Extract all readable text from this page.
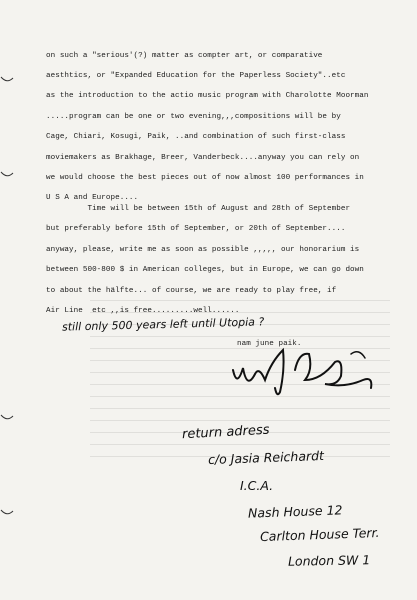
on such a "serious'(?) matter as compter art, or comparative
aesthtics, or "Expanded Education for the Paperless Society"..etc
as the introduction to the actio music program with Charolotte Moorman
.....program can be one or two evening,,,compositions will be by
Cage, Chiari, Kosugi, Paik, ..and combination of such first-class
moviemakers as Brakhage, Breer, Vanderbeck....anyway you can rely on
we would choose the best pieces out of now almost 100 performances in
U S A and Europe....
Time will be between 15th of August and 28th of September
but preferably before 15th of September, or 20th of September....
anyway, please, write me as soon as possible ,,,,, our honorarium is
between 500-800 $ in American colleges, but in Europe, we can go down
to about the hälfte... of course, we are ready to play free, if
Air Line  etc ,,is free.........well......
still only 500 years left until Utopia ?
nam june paik.
return adress
c/o Jasia Reichardt
I.C.A.
Nash House 12
Carlton House Terr.
London SW 1
